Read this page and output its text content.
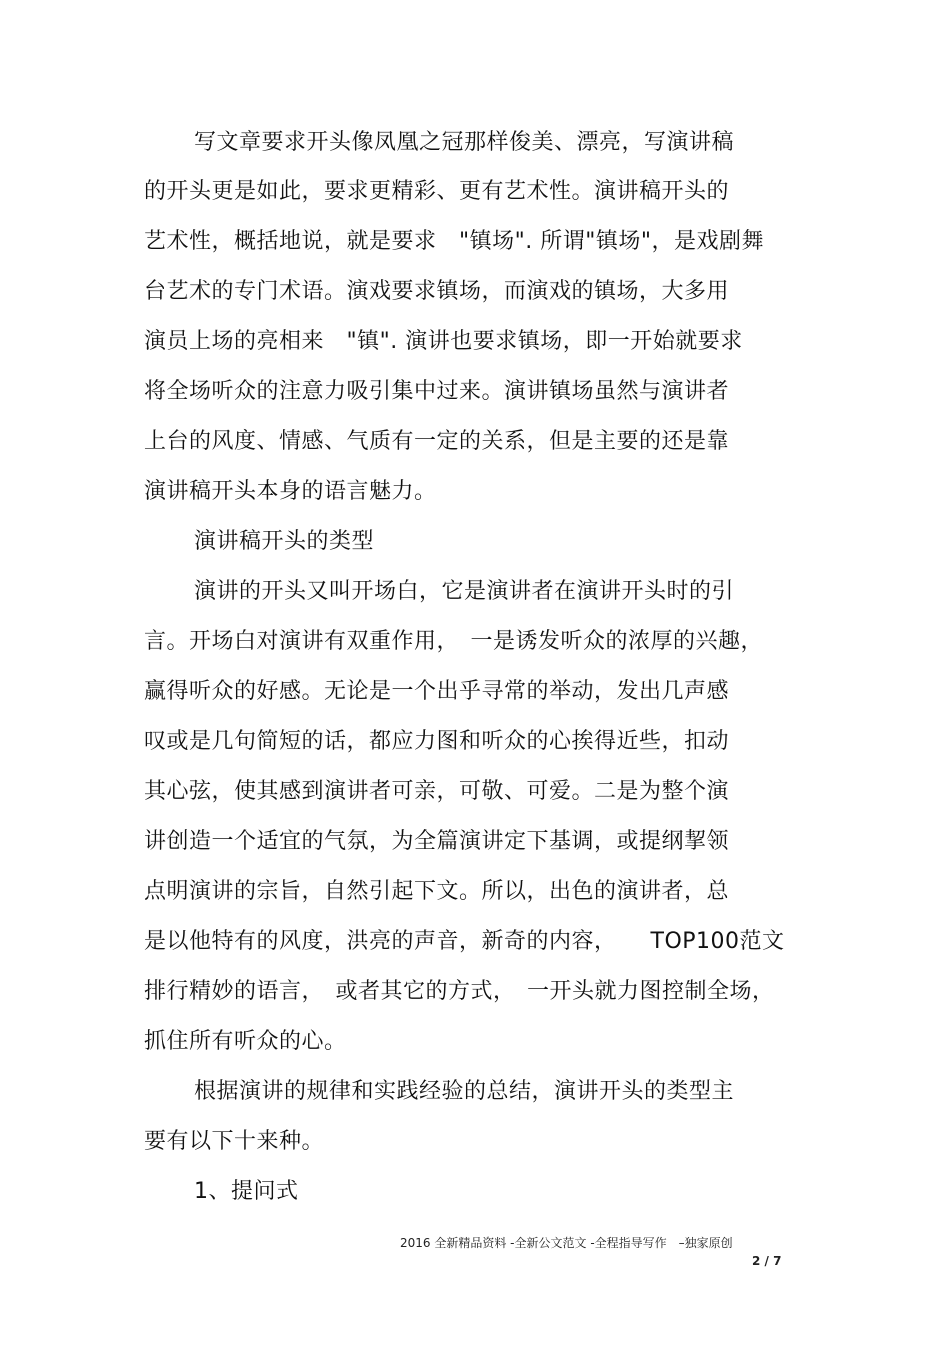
写文章要求开头像凤凰之冠那样俊美、漂亮，写演讲稿
的开头更是如此，要求更精彩、更有艺术性。演讲稿开头的
艺术性，概括地说，就是要求　"镇场". 所谓"镇场"，是戏剧舞
台艺术的专门术语。演戏要求镇场，而演戏的镇场，大多用
演员上场的亮相来　"镇". 演讲也要求镇场，即一开始就要求
将全场听众的注意力吸引集中过来。演讲镇场虽然与演讲者
上台的风度、情感、气质有一定的关系，但是主要的还是靠
演讲稿开头本身的语言魅力。
演讲稿开头的类型
演讲的开头又叫开场白，它是演讲者在演讲开头时的引
言。开场白对演讲有双重作用，　一是诱发听众的浓厚的兴趣，
赢得听众的好感。无论是一个出乎寻常的举动，发出几声感
叹或是几句简短的话，都应力图和听众的心挨得近些，扣动
其心弦，使其感到演讲者可亲，可敬、可爱。二是为整个演
讲创造一个适宜的气氛，为全篇演讲定下基调，或提纲挈领
点明演讲的宗旨，自然引起下文。所以，出色的演讲者，总
是以他特有的风度，洪亮的声音，新奇的内容，　　TOP100范文
排行精妙的语言，　或者其它的方式，　一开头就力图控制全场，
抓住所有听众的心。
根据演讲的规律和实践经验的总结，演讲开头的类型主
要有以下十来种。
1、提问式
2016 全新精品资料 -全新公文范文 -全程指导写作　–独家原创
2 / 7
